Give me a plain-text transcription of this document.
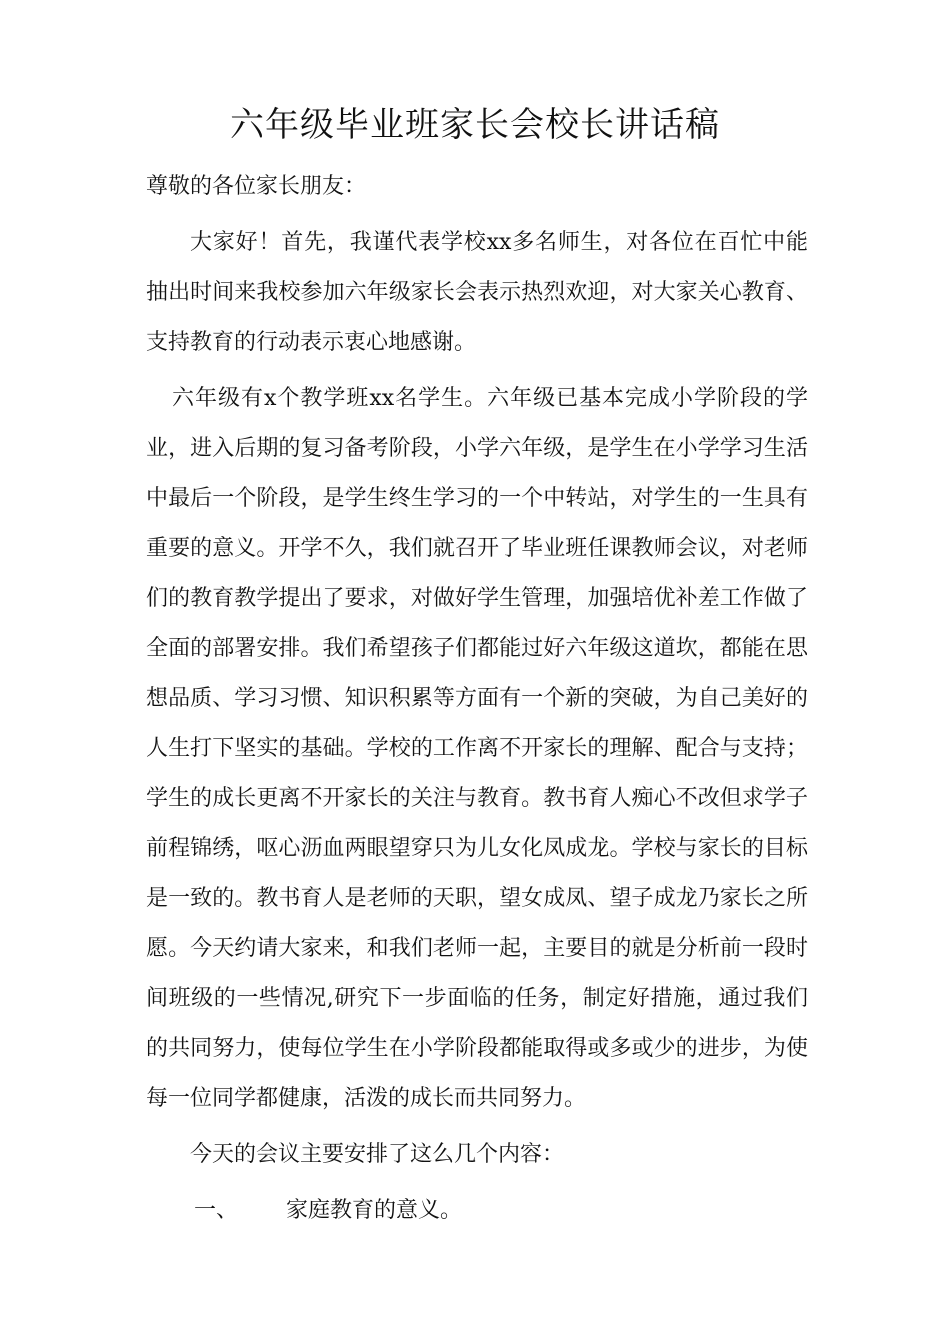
六年级毕业班家长会校长讲话稿
尊敬的各位家长朋友：
大家好！首先，我谨代表学校xx多名师生，对各位在百忙中能
抽出时间来我校参加六年级家长会表示热烈欢迎，对大家关心教育、
支持教育的行动表示衷心地感谢。
六年级有x个教学班xx名学生。六年级已基本完成小学阶段的学
业，进入后期的复习备考阶段，小学六年级，是学生在小学学习生活
中最后一个阶段，是学生终生学习的一个中转站，对学生的一生具有
重要的意义。开学不久，我们就召开了毕业班任课教师会议，对老师
们的教育教学提出了要求，对做好学生管理，加强培优补差工作做了
全面的部署安排。我们希望孩子们都能过好六年级这道坎，都能在思
想品质、学习习惯、知识积累等方面有一个新的突破，为自己美好的
人生打下坚实的基础。学校的工作离不开家长的理解、配合与支持；
学生的成长更离不开家长的关注与教育。教书育人痴心不改但求学子
前程锦绣，呕心沥血两眼望穿只为儿女化凤成龙。学校与家长的目标
是一致的。教书育人是老师的天职，望女成凤、望子成龙乃家长之所
愿。今天约请大家来，和我们老师一起，主要目的就是分析前一段时
间班级的一些情况,研究下一步面临的任务，制定好措施，通过我们
的共同努力，使每位学生在小学阶段都能取得或多或少的进步，为使
每一位同学都健康，活泼的成长而共同努力。
今天的会议主要安排了这么几个内容：
一、 家庭教育的意义。
